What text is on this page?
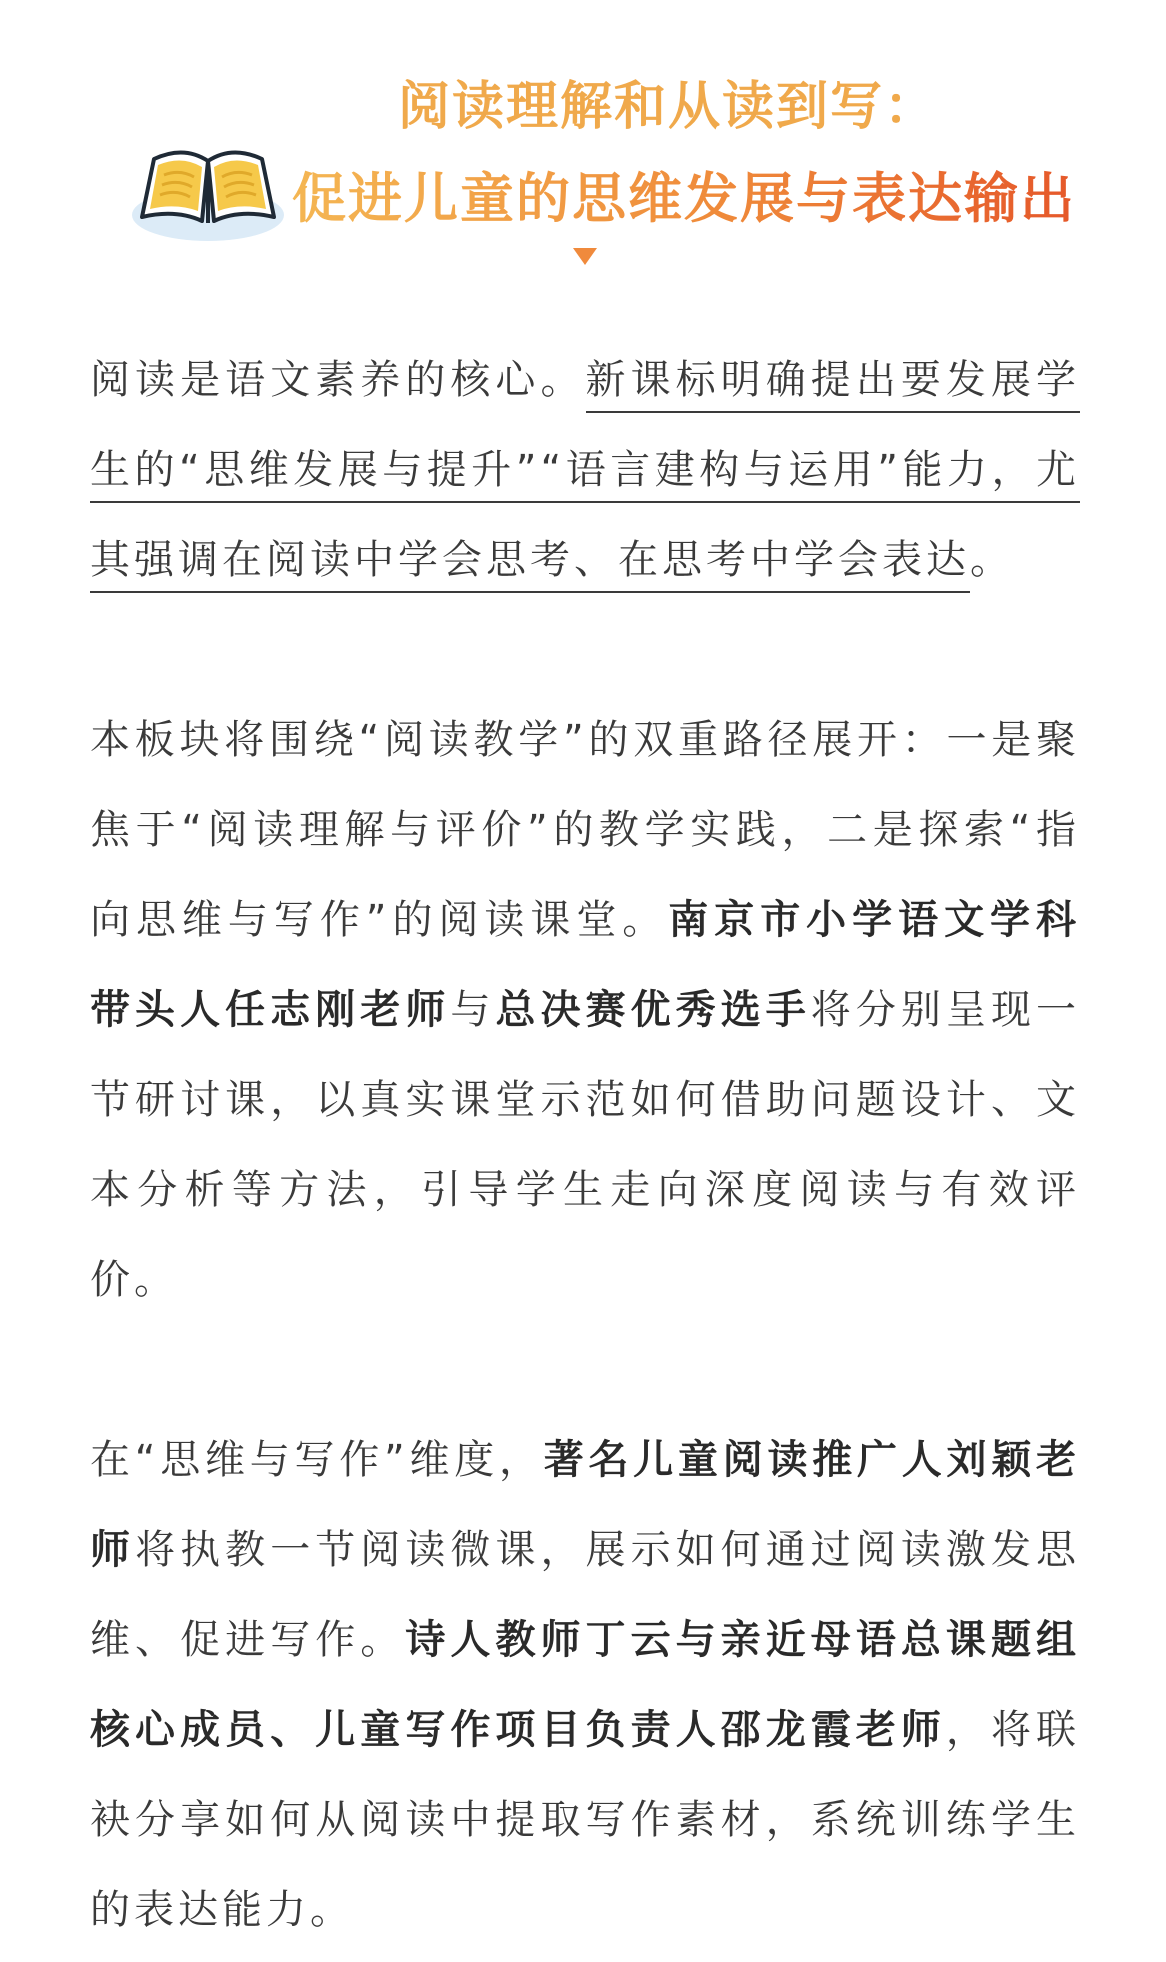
阅读理解和从读到写：
促进儿童的思维发展与表达输出

阅读是语文素养的核心。新课标明确提出要发展学生的“思维发展与提升”“语言建构与运用”能力，尤其强调在阅读中学会思考、在思考中学会表达。

本板块将围绕“阅读教学”的双重路径展开：一是聚焦于“阅读理解与评价”的教学实践，二是探索“指向思维与写作”的阅读课堂。南京市小学语文学科带头人任志刚老师与总决赛优秀选手将分别呈现一节研讨课，以真实课堂示范如何借助问题设计、文本分析等方法，引导学生走向深度阅读与有效评价。

在“思维与写作”维度，著名儿童阅读推广人刘颖老师将执教一节阅读微课，展示如何通过阅读激发思维、促进写作。诗人教师丁云与亲近母语总课题组核心成员、儿童写作项目负责人邵龙霞老师，将联袂分享如何从阅读中提取写作素材，系统训练学生的表达能力。
